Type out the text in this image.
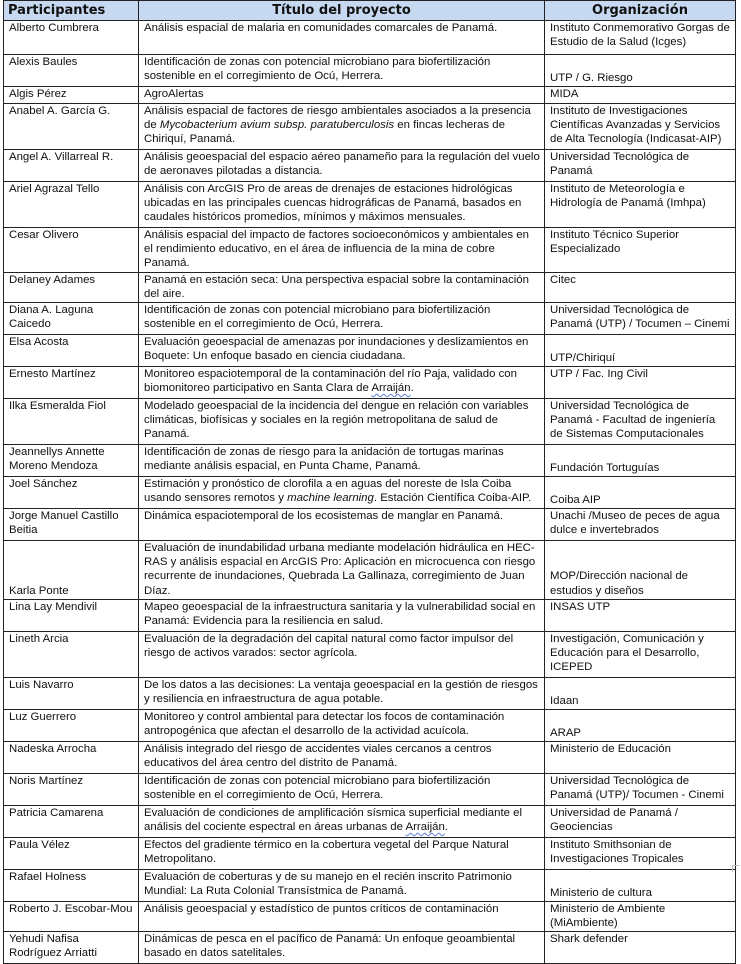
Participantes	Título del proyecto	Organización
Alberto Cumbrera	Análisis espacial de malaria en comunidades comarcales de Panamá.	Instituto Conmemorativo Gorgas de Estudio de la Salud (Icges)
Alexis Baules	Identificación de zonas con potencial microbiano para biofertilización sostenible en el corregimiento de Ocú, Herrera.	UTP / G. Riesgo
Algis Pérez	AgroAlertas	MIDA
Anabel A. García G.	Análisis espacial de factores de riesgo ambientales asociados a la presencia de Mycobacterium avium subsp. paratuberculosis en fincas lecheras de Chiriquí, Panamá.	Instituto de Investigaciones Científicas Avanzadas y Servicios de Alta Tecnología (Indicasat-AIP)
Angel A. Villarreal R.	Análisis geoespacial del espacio aéreo panameño para la regulación del vuelo de aeronaves pilotadas a distancia.	Universidad Tecnológica de Panamá
Ariel Agrazal Tello	Análisis con ArcGIS Pro de areas de drenajes de estaciones hidrológicas ubicadas en las principales cuencas hidrográficas de Panamá, basados en caudales históricos promedios, mínimos y máximos mensuales.	Instituto de Meteorología e Hidrología de Panamá (Imhpa)
Cesar Olivero	Análisis espacial del impacto de factores socioeconómicos y ambientales en el rendimiento educativo, en el área de influencia de la mina de cobre Panamá.	Instituto Técnico Superior Especializado
Delaney Adames	Panamá en estación seca: Una perspectiva espacial sobre la contaminación del aire.	Citec
Diana A. Laguna Caicedo	Identificación de zonas con potencial microbiano para biofertilización sostenible en el corregimiento de Ocú, Herrera.	Universidad Tecnológica de Panamá (UTP) / Tocumen – Cinemi
Elsa Acosta	Evaluación geoespacial de amenazas por inundaciones y deslizamientos en Boquete: Un enfoque basado en ciencia ciudadana.	UTP/Chiriquí
Ernesto Martínez	Monitoreo espaciotemporal de la contaminación del río Paja, validado con biomonitoreo participativo en Santa Clara de Arraiján.	UTP / Fac. Ing Civil
Ilka Esmeralda Fiol	Modelado geoespacial de la incidencia del dengue en relación con variables climáticas, biofísicas y sociales en la región metropolitana de salud de Panamá.	Universidad Tecnológica de Panamá - Facultad de ingeniería de Sistemas Computacionales
Jeannellys Annette Moreno Mendoza	Identificación de zonas de riesgo para la anidación de tortugas marinas mediante análisis espacial, en Punta Chame, Panamá.	Fundación Tortuguías
Joel Sánchez	Estimación y pronóstico de clorofila a en aguas del noreste de Isla Coiba usando sensores remotos y machine learning. Estación Científica Coiba-AIP.	Coiba AIP
Jorge Manuel Castillo Beitia	Dinámica espaciotemporal de los ecosistemas de manglar en Panamá.	Unachi /Museo de peces de agua dulce e invertebrados
Karla Ponte	Evaluación de inundabilidad urbana mediante modelación hidráulica en HEC-RAS y análisis espacial en ArcGIS Pro: Aplicación en microcuenca con riesgo recurrente de inundaciones, Quebrada La Gallinaza, corregimiento de Juan Díaz.	MOP/Dirección nacional de estudios y diseños
Lina Lay Mendivil	Mapeo geoespacial de la infraestructura sanitaria y la vulnerabilidad social en Panamá: Evidencia para la resiliencia en salud.	INSAS UTP
Lineth Arcia	Evaluación de la degradación del capital natural como factor impulsor del riesgo de activos varados: sector agrícola.	Investigación, Comunicación y Educación para el Desarrollo, ICEPED
Luis Navarro	De los datos a las decisiones: La ventaja geoespacial en la gestión de riesgos y resiliencia en infraestructura de agua potable.	Idaan
Luz Guerrero	Monitoreo y control ambiental para detectar los focos de contaminación antropogénica que afectan el desarrollo de la actividad acuícola.	ARAP
Nadeska Arrocha	Análisis integrado del riesgo de accidentes viales cercanos a centros educativos del área centro del distrito de Panamá.	Ministerio de Educación
Noris Martínez	Identificación de zonas con potencial microbiano para biofertilización sostenible en el corregimiento de Ocú, Herrera.	Universidad Tecnológica de Panamá (UTP)/ Tocumen - Cinemi
Patricia Camarena	Evaluación de condiciones de amplificación sísmica superficial mediante el análisis del cociente espectral en áreas urbanas de Arraiján.	Universidad de Panamá / Geociencias
Paula Vélez	Efectos del gradiente térmico en la cobertura vegetal del Parque Natural Metropolitano.	Instituto Smithsonian de Investigaciones Tropicales
Rafael Holness	Evaluación de coberturas y de su manejo en el recién inscrito Patrimonio Mundial: La Ruta Colonial Transístmica de Panamá.	Ministerio de cultura
Roberto J. Escobar-Mou	Análisis geoespacial y estadístico de puntos críticos de contaminación	Ministerio de Ambiente (MiAmbiente)
Yehudi Nafisa Rodríguez Arriatti	Dinámicas de pesca en el pacífico de Panamá: Un enfoque geoambiental basado en datos satelitales.	Shark defender
